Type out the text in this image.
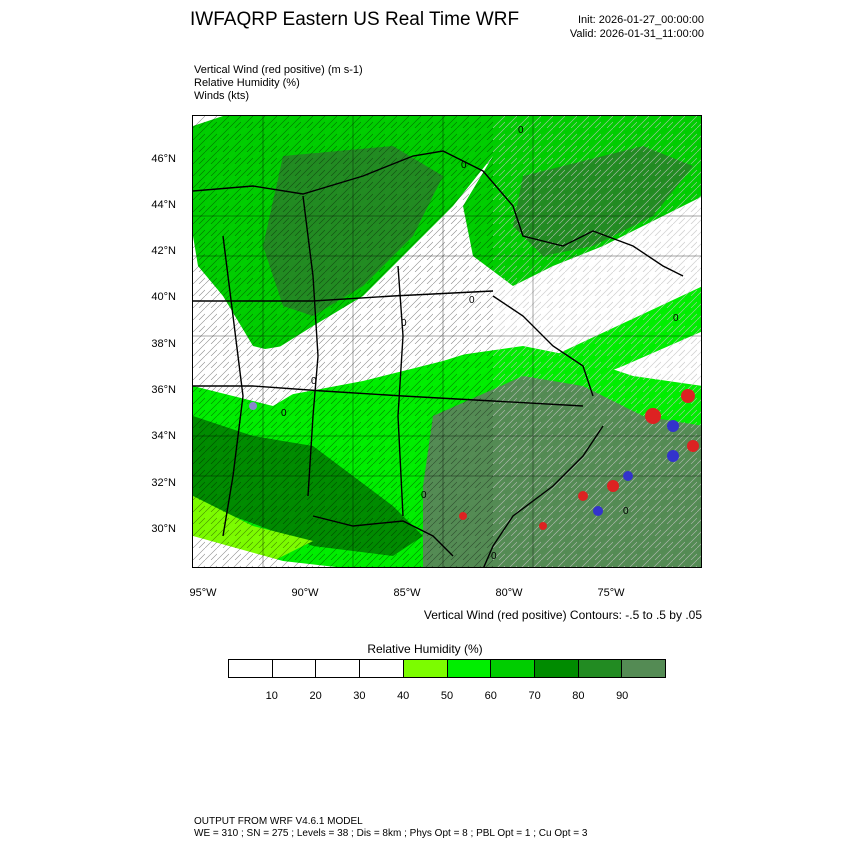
IWFAQRP Eastern US Real Time WRF	Init: 2026-01-27_00:00:00
Valid: 2026-01-31_11:00:00
Vertical Wind (red positive) (m s-1)
Relative Humidity (%)
Winds (kts)
0
0
0
0
0
0
0
0
0
0
46°N
44°N
42°N
40°N
38°N
36°N
34°N
32°N
30°N
95°W	90°W	85°W	80°W	75°W
Vertical Wind (red positive) Contours: -.5 to .5 by .05
Relative Humidity (%)
10	20	30	40	50	60	70	80	90
OUTPUT FROM WRF V4.6.1 MODEL
WE = 310 ; SN = 275 ; Levels = 38 ; Dis = 8km ; Phys Opt = 8 ; PBL Opt = 1 ; Cu Opt = 3
